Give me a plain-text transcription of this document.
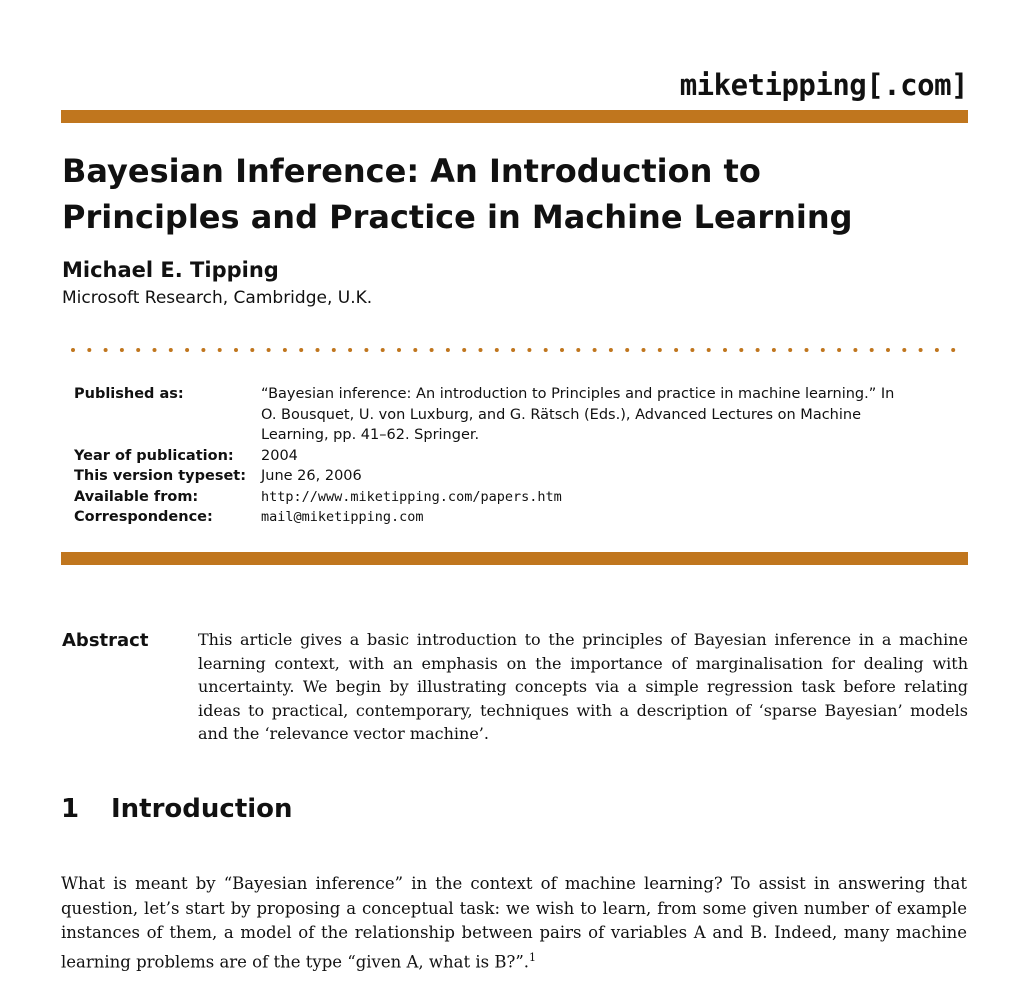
miketipping[.com]
Bayesian Inference: An Introduction to
Principles and Practice in Machine Learning
Michael E. Tipping
Microsoft Research, Cambridge, U.K.
Published as:	“Bayesian inference: An introduction to Principles and practice in machine learning.” In O. Bousquet, U. von Luxburg, and G. Rätsch (Eds.), Advanced Lectures on Machine Learning, pp. 41–62. Springer.
Year of publication:	2004
This version typeset:	June 26, 2006
Available from:	http://www.miketipping.com/papers.htm
Correspondence:	mail@miketipping.com
Abstract	This article gives a basic introduction to the principles of Bayesian inference in a machine learning context, with an emphasis on the importance of marginalisation for dealing with uncertainty. We begin by illustrating concepts via a simple regression task before relating ideas to practical, contemporary, techniques with a description of ‘sparse Bayesian’ models and the ‘relevance vector machine’.

1 Introduction

What is meant by “Bayesian inference” in the context of machine learning? To assist in answering that question, let’s start by proposing a conceptual task: we wish to learn, from some given number of example instances of them, a model of the relationship between pairs of variables A and B. Indeed, many machine learning problems are of the type “given A, what is B?”.$^1$
